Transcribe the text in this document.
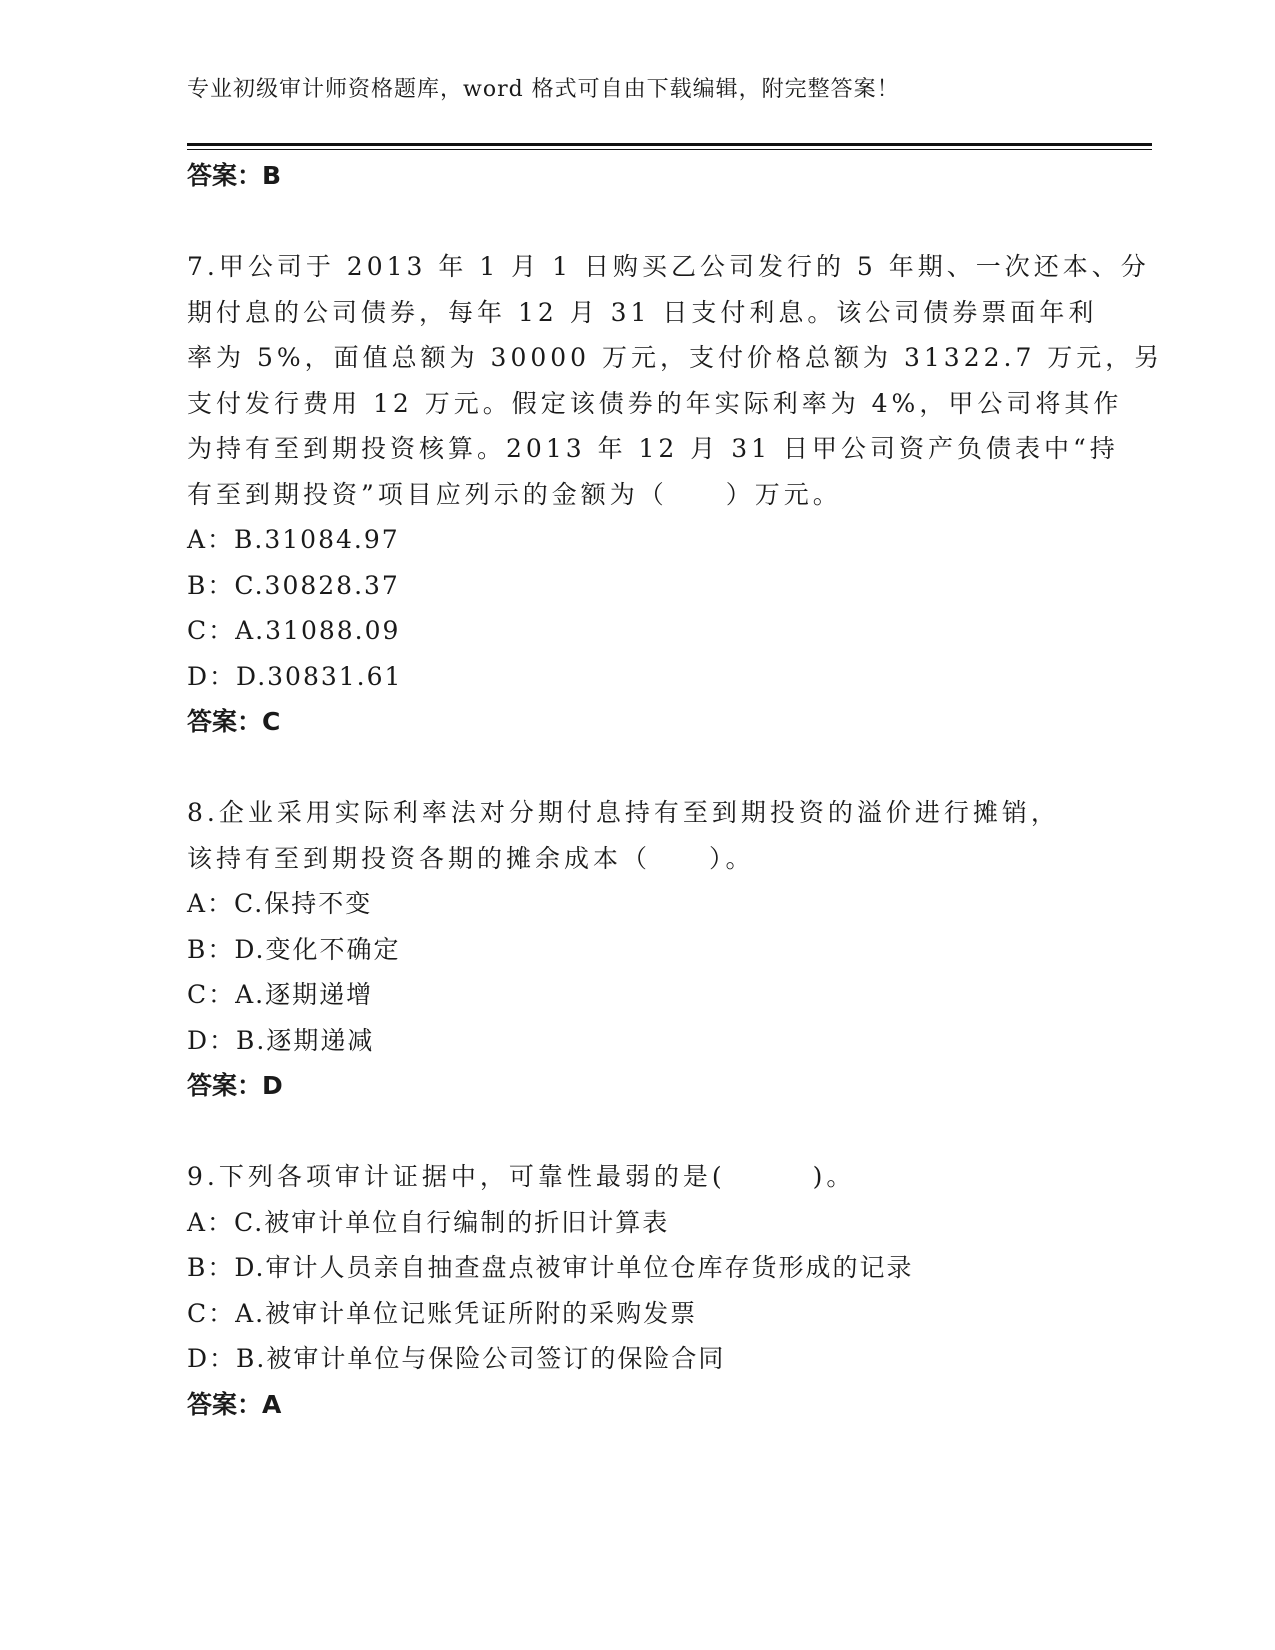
专业初级审计师资格题库，word 格式可自由下载编辑，附完整答案！
答案：B

7.甲公司于 2013 年 1 月 1 日购买乙公司发行的 5 年期、一次还本、分
期付息的公司债券，每年 12 月 31 日支付利息。该公司债券票面年利
率为 5%，面值总额为 30000 万元，支付价格总额为 31322.7 万元，另
支付发行费用 12 万元。假定该债券的年实际利率为 4%，甲公司将其作
为持有至到期投资核算。2013 年 12 月 31 日甲公司资产负债表中“持
有至到期投资”项目应列示的金额为（　　）万元。

A：B.31084.97
B：C.30828.37
C：A.31088.09
D：D.30831.61
答案：C

8.企业采用实际利率法对分期付息持有至到期投资的溢价进行摊销，
该持有至到期投资各期的摊余成本（　　）。

A：C.保持不变
B：D.变化不确定
C：A.逐期递增
D：B.逐期递减
答案：D

9.下列各项审计证据中，可靠性最弱的是(　　　)。

A：C.被审计单位自行编制的折旧计算表
B：D.审计人员亲自抽查盘点被审计单位仓库存货形成的记录
C：A.被审计单位记账凭证所附的采购发票
D：B.被审计单位与保险公司签订的保险合同
答案：A
